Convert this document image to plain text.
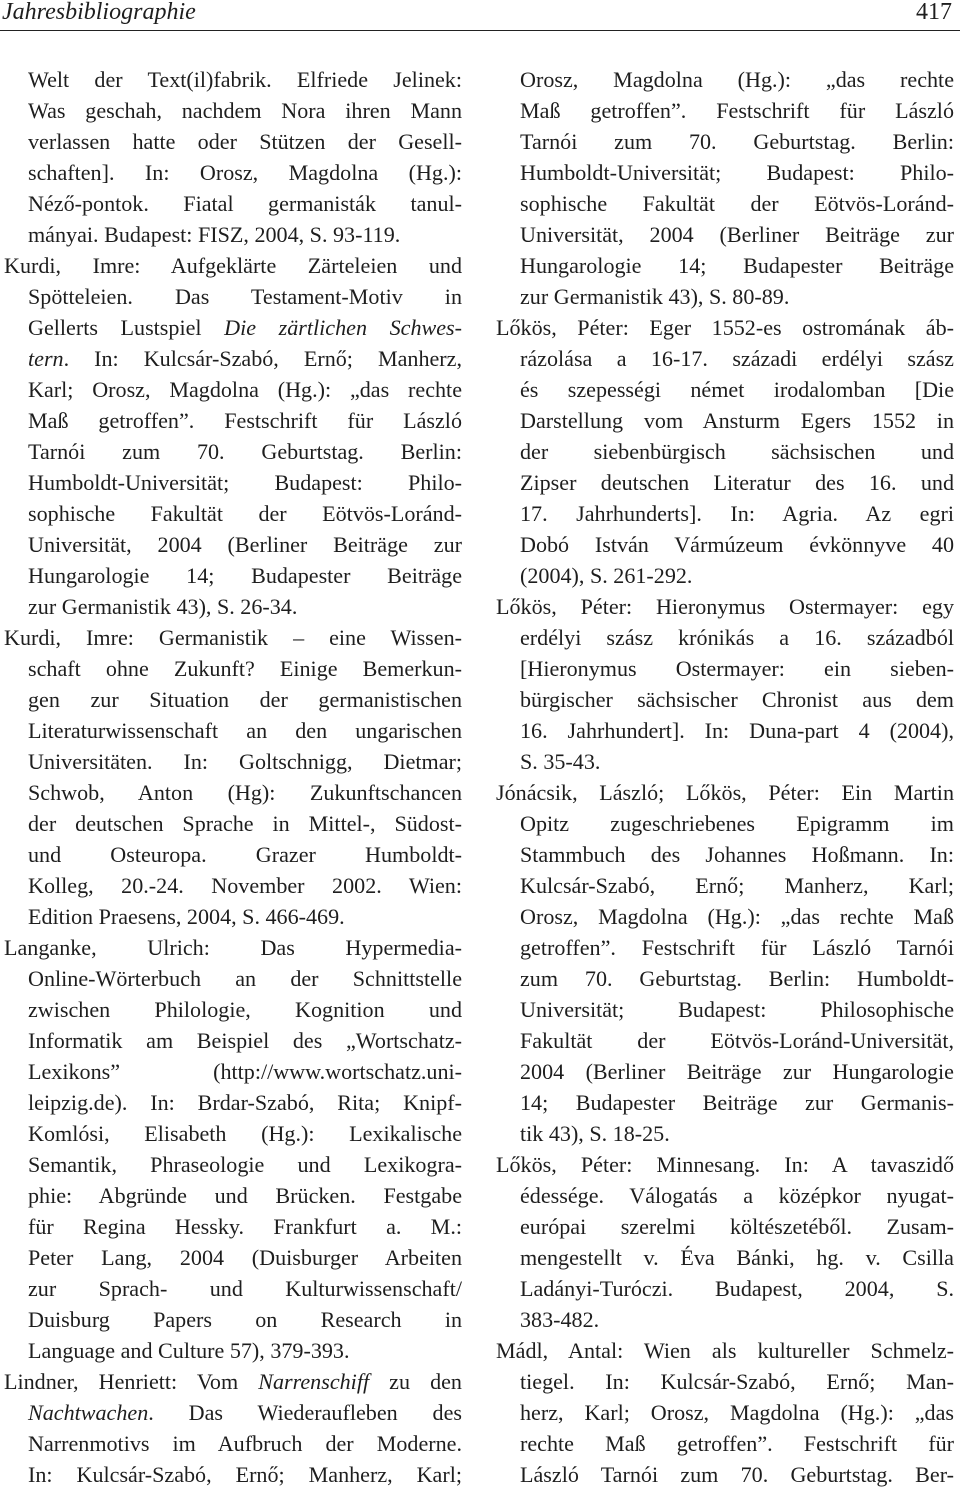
Jahresbibliographie	417
Welt der Text(il)fabrik. Elfriede Jelinek:
Was geschah, nachdem Nora ihren Mann
verlassen hatte oder Stützen der Gesell-
schaften]. In: Orosz, Magdolna (Hg.):
Néző-pontok. Fiatal germanisták tanul-
mányai. Budapest: FISZ, 2004, S. 93-119.
Kurdi, Imre: Aufgeklärte Zärteleien und
Spötteleien. Das Testament-Motiv in
Gellerts Lustspiel Die zärtlichen Schwes-
tern. In: Kulcsár-Szabó, Ernő; Manherz,
Karl; Orosz, Magdolna (Hg.): „das rechte
Maß getroffen”. Festschrift für László
Tarnói zum 70. Geburtstag. Berlin:
Humboldt-Universität; Budapest: Philo-
sophische Fakultät der Eötvös-Loránd-
Universität, 2004 (Berliner Beiträge zur
Hungarologie 14; Budapester Beiträge
zur Germanistik 43), S. 26-34.
Kurdi, Imre: Germanistik – eine Wissen-
schaft ohne Zukunft? Einige Bemerkun-
gen zur Situation der germanistischen
Literaturwissenschaft an den ungarischen
Universitäten. In: Goltschnigg, Dietmar;
Schwob, Anton (Hg): Zukunftschancen
der deutschen Sprache in Mittel-, Südost-
und Osteuropa. Grazer Humboldt-
Kolleg, 20.-24. November 2002. Wien:
Edition Praesens, 2004, S. 466-469.
Langanke, Ulrich: Das Hypermedia-
Online-Wörterbuch an der Schnittstelle
zwischen Philologie, Kognition und
Informatik am Beispiel des „Wortschatz-
Lexikons” (http://www.wortschatz.uni-
leipzig.de). In: Brdar-Szabó, Rita; Knipf-
Komlósi, Elisabeth (Hg.): Lexikalische
Semantik, Phraseologie und Lexikogra-
phie: Abgründe und Brücken. Festgabe
für Regina Hessky. Frankfurt a. M.:
Peter Lang, 2004 (Duisburger Arbeiten
zur Sprach- und Kulturwissenschaft/
Duisburg Papers on Research in
Language and Culture 57), 379-393.
Lindner, Henriett: Vom Narrenschiff zu den
Nachtwachen. Das Wiederaufleben des
Narrenmotivs im Aufbruch der Moderne.
In: Kulcsár-Szabó, Ernő; Manherz, Karl;
Orosz, Magdolna (Hg.): „das rechte
Maß getroffen”. Festschrift für László
Tarnói zum 70. Geburtstag. Berlin:
Humboldt-Universität; Budapest: Philo-
sophische Fakultät der Eötvös-Loránd-
Universität, 2004 (Berliner Beiträge zur
Hungarologie 14; Budapester Beiträge
zur Germanistik 43), S. 80-89.
Lőkös, Péter: Eger 1552-es ostromának áb-
rázolása a 16-17. századi erdélyi szász
és szepességi német irodalomban [Die
Darstellung vom Ansturm Egers 1552 in
der siebenbürgisch sächsischen und
Zipser deutschen Literatur des 16. und
17. Jahrhunderts]. In: Agria. Az egri
Dobó István Vármúzeum évkönnyve 40
(2004), S. 261-292.
Lőkös, Péter: Hieronymus Ostermayer: egy
erdélyi szász krónikás a 16. századból
[Hieronymus Ostermayer: ein sieben-
bürgischer sächsischer Chronist aus dem
16. Jahrhundert]. In: Duna-part 4 (2004),
S. 35-43.
Jónácsik, László; Lőkös, Péter: Ein Martin
Opitz zugeschriebenes Epigramm im
Stammbuch des Johannes Hoßmann. In:
Kulcsár-Szabó, Ernő; Manherz, Karl;
Orosz, Magdolna (Hg.): „das rechte Maß
getroffen”. Festschrift für László Tarnói
zum 70. Geburtstag. Berlin: Humboldt-
Universität; Budapest: Philosophische
Fakultät der Eötvös-Loránd-Universität,
2004 (Berliner Beiträge zur Hungarologie
14; Budapester Beiträge zur Germanis-
tik 43), S. 18-25.
Lőkös, Péter: Minnesang. In: A tavaszidő
édessége. Válogatás a középkor nyugat-
európai szerelmi költészetéből. Zusam-
mengestellt v. Éva Bánki, hg. v. Csilla
Ladányi-Turóczi. Budapest, 2004, S.
383-482.
Mádl, Antal: Wien als kultureller Schmelz-
tiegel. In: Kulcsár-Szabó, Ernő; Man-
herz, Karl; Orosz, Magdolna (Hg.): „das
rechte Maß getroffen”. Festschrift für
László Tarnói zum 70. Geburtstag. Ber-
